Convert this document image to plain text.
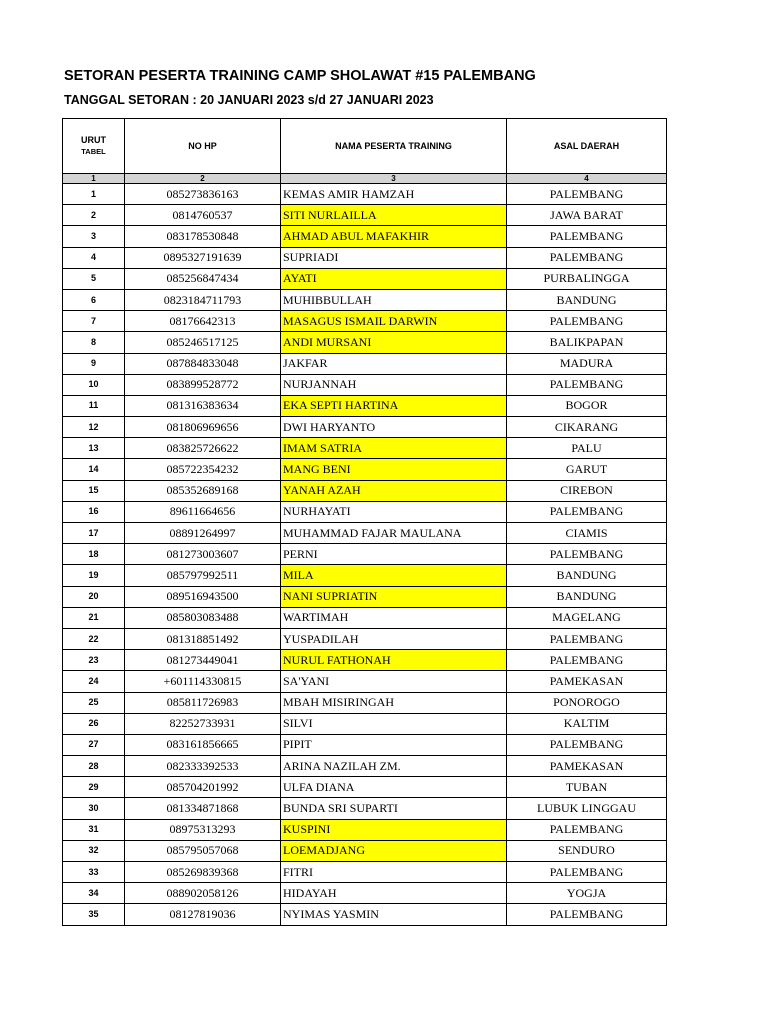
SETORAN PESERTA TRAINING CAMP SHOLAWAT #15 PALEMBANG
TANGGAL SETORAN : 20 JANUARI 2023 s/d 27 JANUARI 2023
URUT
TABEL	NO HP	NAMA PESERTA TRAINING	ASAL DAERAH
1	2	3	4
1	085273836163	KEMAS AMIR HAMZAH	PALEMBANG
2	0814760537	SITI NURLAILLA	JAWA BARAT
3	083178530848	AHMAD ABUL MAFAKHIR	PALEMBANG
4	0895327191639	SUPRIADI	PALEMBANG
5	085256847434	AYATI	PURBALINGGA
6	0823184711793	MUHIBBULLAH	BANDUNG
7	08176642313	MASAGUS ISMAIL DARWIN	PALEMBANG
8	085246517125	ANDI MURSANI	BALIKPAPAN
9	087884833048	JAKFAR	MADURA
10	083899528772	NURJANNAH	PALEMBANG
11	081316383634	EKA SEPTI HARTINA	BOGOR
12	081806969656	DWI HARYANTO	CIKARANG
13	083825726622	IMAM SATRIA	PALU
14	085722354232	MANG BENI	GARUT
15	085352689168	YANAH AZAH	CIREBON
16	89611664656	NURHAYATI	PALEMBANG
17	08891264997	MUHAMMAD FAJAR MAULANA	CIAMIS
18	081273003607	PERNI	PALEMBANG
19	085797992511	MILA	BANDUNG
20	089516943500	NANI SUPRIATIN	BANDUNG
21	085803083488	WARTIMAH	MAGELANG
22	081318851492	YUSPADILAH	PALEMBANG
23	081273449041	NURUL FATHONAH	PALEMBANG
24	+601114330815	SA'YANI	PAMEKASAN
25	085811726983	MBAH MISIRINGAH	PONOROGO
26	82252733931	SILVI	KALTIM
27	083161856665	PIPIT	PALEMBANG
28	082333392533	ARINA NAZILAH ZM.	PAMEKASAN
29	085704201992	ULFA DIANA	TUBAN
30	081334871868	BUNDA SRI SUPARTI	LUBUK LINGGAU
31	08975313293	KUSPINI	PALEMBANG
32	085795057068	LOEMADJANG	SENDURO
33	085269839368	FITRI	PALEMBANG
34	088902058126	HIDAYAH	YOGJA
35	08127819036	NYIMAS YASMIN	PALEMBANG
